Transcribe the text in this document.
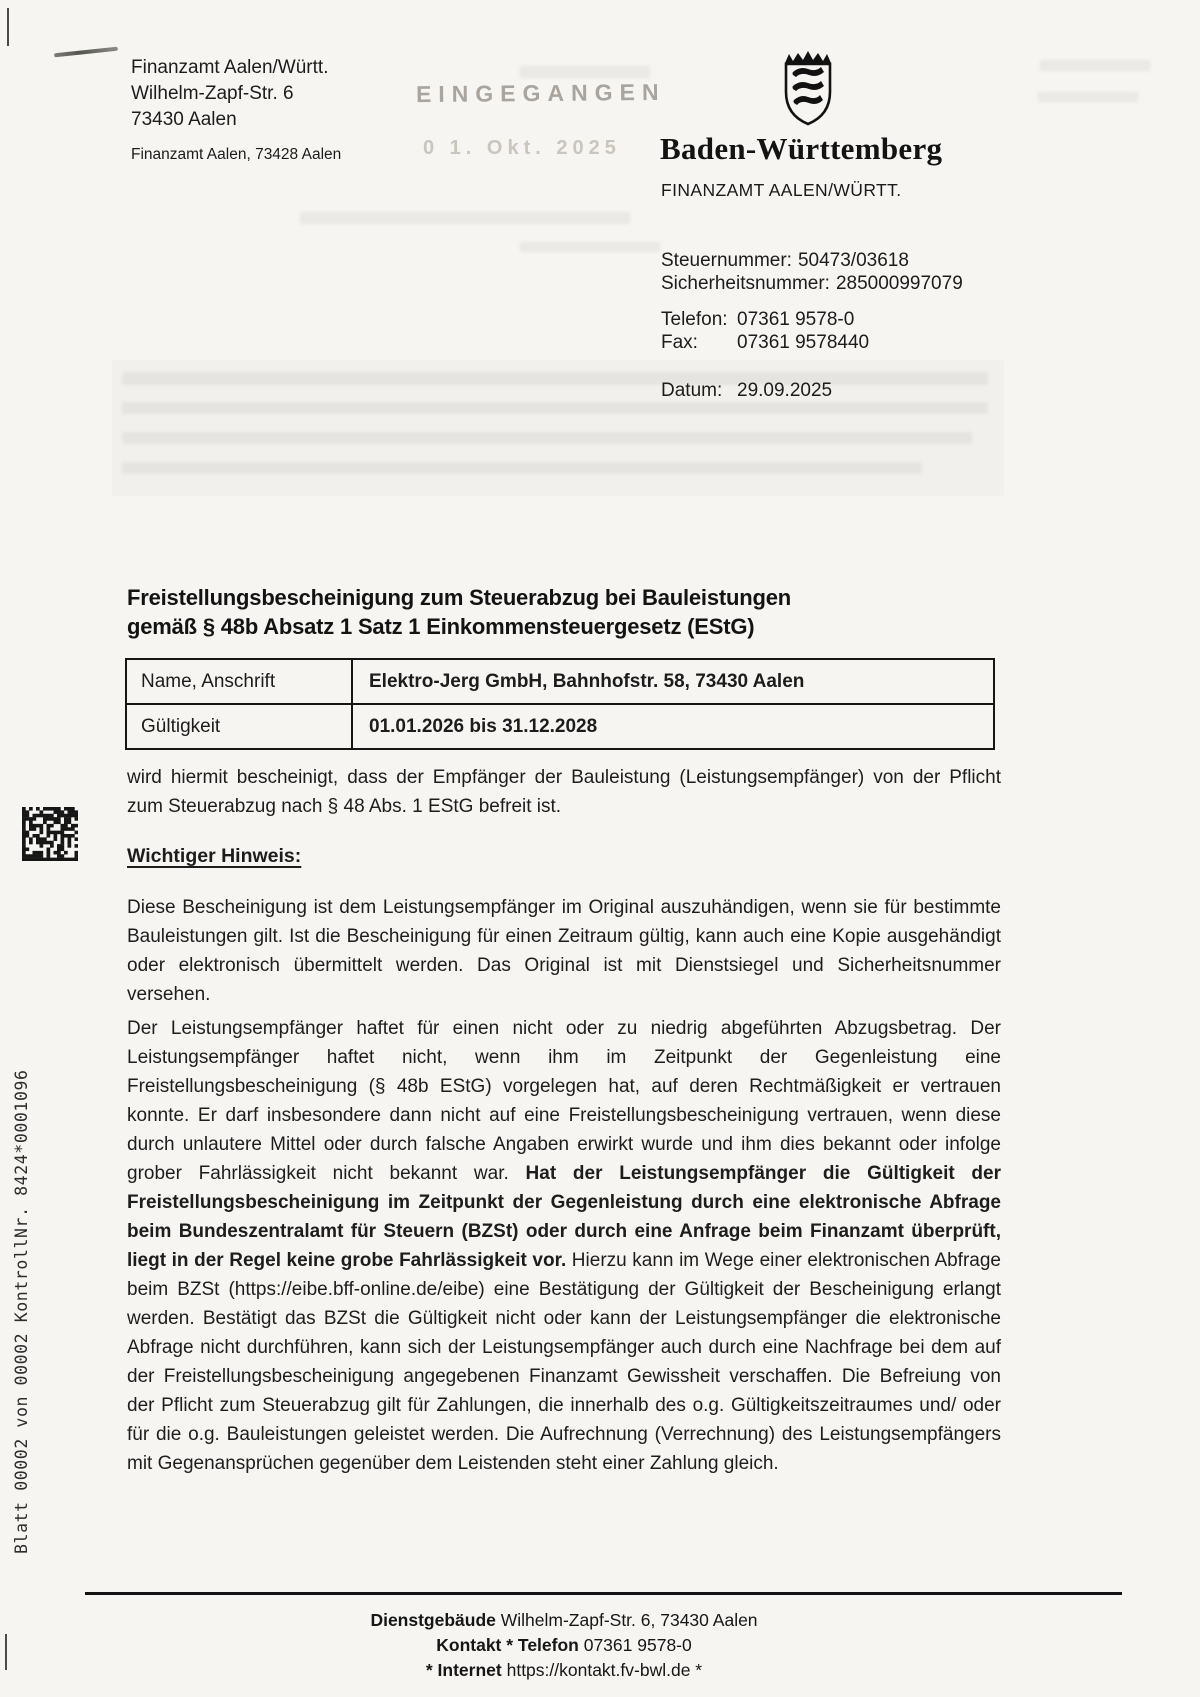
Finanzamt Aalen/Württ.
Wilhelm-Zapf-Str. 6
73430 Aalen
Finanzamt Aalen, 73428 Aalen
EINGEGANGEN
0 1. Okt. 2025 Baden-Württemberg
FINANZAMT AALEN/WÜRTT.
Steuernummer: 50473/03618
Sicherheitsnummer: 285000997079
Telefon: 07361 9578-0
Fax:	07361 9578440
Datum: 29.09.2025
Freistellungsbescheinigung zum Steuerabzug bei Bauleistungen
gemäß § 48b Absatz 1 Satz 1 Einkommensteuergesetz (EStG)
Name, Anschrift	Elektro-Jerg GmbH, Bahnhofstr. 58, 73430 Aalen
Gültigkeit	01.01.2026 bis 31.12.2028

wird hiermit bescheinigt, dass der Empfänger der Bauleistung (Leistungsempfänger) von der Pflicht zum Steuerabzug nach § 48 Abs. 1 EStG befreit ist.

Wichtiger Hinweis:

Diese Bescheinigung ist dem Leistungsempfänger im Original auszuhändigen, wenn sie für bestimmte Bauleistungen gilt. Ist die Bescheinigung für einen Zeitraum gültig, kann auch eine Kopie ausgehändigt oder elektronisch übermittelt werden. Das Original ist mit Dienstsiegel und Sicherheitsnummer versehen.

Der Leistungsempfänger haftet für einen nicht oder zu niedrig abgeführten Abzugsbetrag. Der Leistungsempfänger haftet nicht, wenn ihm im Zeitpunkt der Gegenleistung eine Freistellungsbescheinigung (§ 48b EStG) vorgelegen hat, auf deren Rechtmäßigkeit er vertrauen konnte. Er darf insbesondere dann nicht auf eine Freistellungsbescheinigung vertrauen, wenn diese durch unlautere Mittel oder durch falsche Angaben erwirkt wurde und ihm dies bekannt oder infolge grober Fahrlässigkeit nicht bekannt war. Hat der Leistungsempfänger die Gültigkeit der Freistellungsbescheinigung im Zeitpunkt der Gegenleistung durch eine elektronische Abfrage beim Bundeszentralamt für Steuern (BZSt) oder durch eine Anfrage beim Finanzamt überprüft, liegt in der Regel keine grobe Fahrlässigkeit vor. Hierzu kann im Wege einer elektronischen Abfrage beim BZSt (https://eibe.bff-online.de/eibe) eine Bestätigung der Gültigkeit der Bescheinigung erlangt werden. Bestätigt das BZSt die Gültigkeit nicht oder kann der Leistungsempfänger die elektronische Abfrage nicht durchführen, kann sich der Leistungsempfänger auch durch eine Nachfrage bei dem auf der Freistellungsbescheinigung angegebenen Finanzamt Gewissheit verschaffen. Die Befreiung von der Pflicht zum Steuerabzug gilt für Zahlungen, die innerhalb des o.g. Gültigkeitszeitraumes und/ oder für die o.g. Bauleistungen geleistet werden. Die Aufrechnung (Verrechnung) des Leistungsempfängers mit Gegenansprüchen gegenüber dem Leistenden steht einer Zahlung gleich.

Dienstgebäude Wilhelm-Zapf-Str. 6, 73430 Aalen
Kontakt * Telefon 07361 9578-0
* Internet https://kontakt.fv-bwl.de *
Blatt 00002 von 00002 KontrollNr. 8424*0001096
